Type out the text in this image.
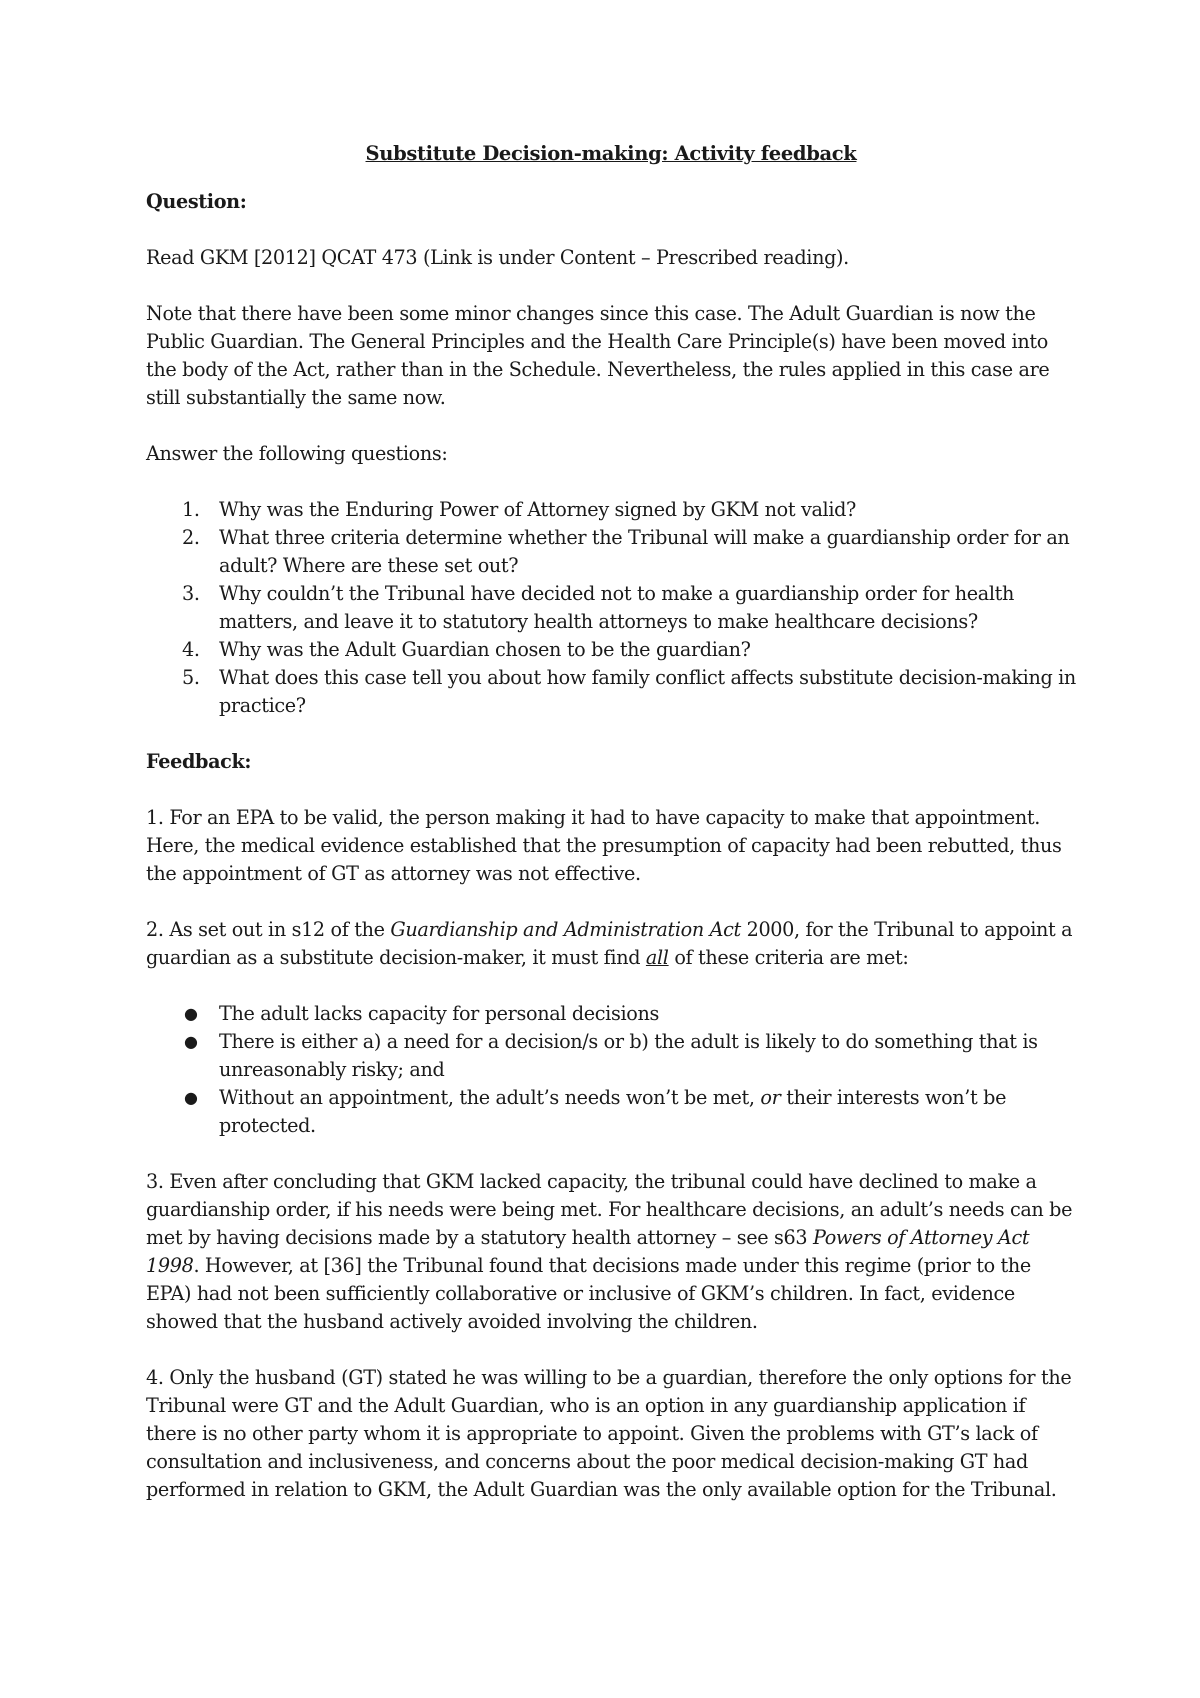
Substitute Decision-making: Activity feedback
Question:

Read GKM [2012] QCAT 473 (Link is under Content – Prescribed reading).

Note that there have been some minor changes since this case. The Adult Guardian is now the Public Guardian. The General Principles and the Health Care Principle(s) have been moved into the body of the Act, rather than in the Schedule. Nevertheless, the rules applied in this case are still substantially the same now.

Answer the following questions:

1. Why was the Enduring Power of Attorney signed by GKM not valid?
2. What three criteria determine whether the Tribunal will make a guardianship order for an adult? Where are these set out?
3. Why couldn’t the Tribunal have decided not to make a guardianship order for health matters, and leave it to statutory health attorneys to make healthcare decisions?
4. Why was the Adult Guardian chosen to be the guardian?
5. What does this case tell you about how family conflict affects substitute decision-making in practice?
Feedback:

1. For an EPA to be valid, the person making it had to have capacity to make that appointment. Here, the medical evidence established that the presumption of capacity had been rebutted, thus the appointment of GT as attorney was not effective.

2. As set out in s12 of the Guardianship and Administration Act 2000, for the Tribunal to appoint a guardian as a substitute decision-maker, it must find all of these criteria are met:

● The adult lacks capacity for personal decisions
● There is either a) a need for a decision/s or b) the adult is likely to do something that is unreasonably risky; and
● Without an appointment, the adult’s needs won’t be met, or their interests won’t be protected.

3. Even after concluding that GKM lacked capacity, the tribunal could have declined to make a guardianship order, if his needs were being met. For healthcare decisions, an adult’s needs can be met by having decisions made by a statutory health attorney – see s63 Powers of Attorney Act 1998. However, at [36] the Tribunal found that decisions made under this regime (prior to the EPA) had not been sufficiently collaborative or inclusive of GKM’s children. In fact, evidence showed that the husband actively avoided involving the children.

4. Only the husband (GT) stated he was willing to be a guardian, therefore the only options for the Tribunal were GT and the Adult Guardian, who is an option in any guardianship application if there is no other party whom it is appropriate to appoint. Given the problems with GT’s lack of consultation and inclusiveness, and concerns about the poor medical decision-making GT had performed in relation to GKM, the Adult Guardian was the only available option for the Tribunal.
